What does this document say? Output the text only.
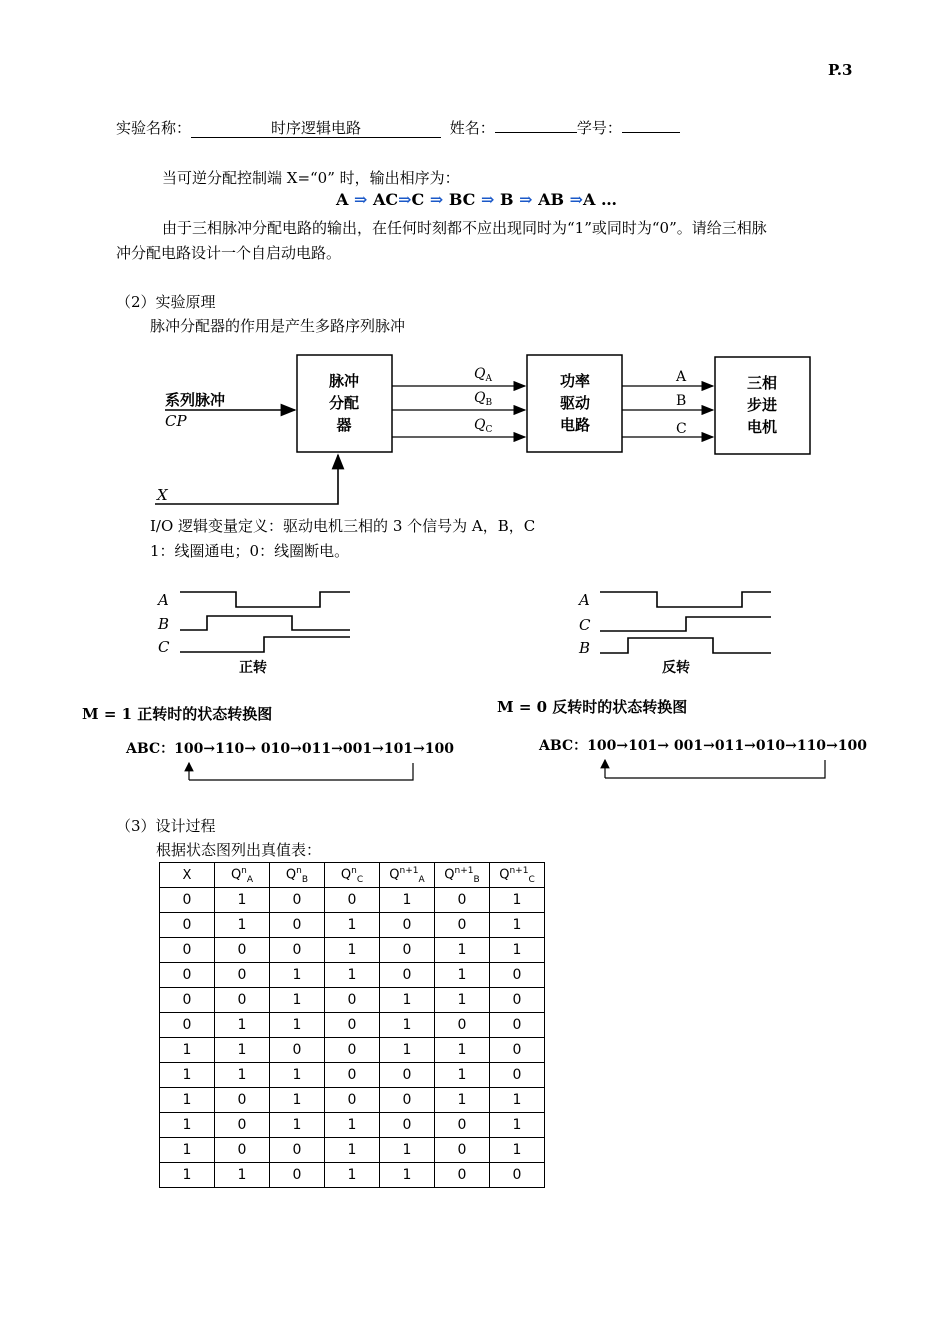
P.3
实验名称：	时序逻辑电路	姓名：	学号：
当可逆分配控制端 X=“0” 时，输出相序为：
A ⇒ AC⇒C ⇒ BC ⇒ B ⇒ AB ⇒A …
由于三相脉冲分配电路的输出，在任何时刻都不应出现同时为“1”或同时为“0”。请给三相脉
冲分配电路设计一个自启动电路。
（2）实验原理
脉冲分配器的作用是产生多路序列脉冲
系列脉冲
CP
脉冲
分配
器
$Q_A$
$Q_B$
$Q_C$
功率
驱动
电路
A
B
C
三相
步进
电机
X
I/O 逻辑变量定义：驱动电机三相的 3 个信号为 A，B，C
1：线圈通电；0：线圈断电。
A
B
C
正转
A
C
B
反转
M = 1 正转时的状态转换图	M = 0 反转时的状态转换图
ABC：100→110→ 010→011→001→101→100	ABC：100→101→ 001→011→010→110→100
（3）设计过程
根据状态图列出真值表：
X	$Q^n_A$	$Q^n_B$	$Q^n_C$	$Q^{n+1}_A$	$Q^{n+1}_B$	$Q^{n+1}_C$
0	1	0	0	1	0	1
0	1	0	1	0	0	1
0	0	0	1	0	1	1
0	0	1	1	0	1	0
0	0	1	0	1	1	0
0	1	1	0	1	0	0
1	1	0	0	1	1	0
1	1	1	0	0	1	0
1	0	1	0	0	1	1
1	0	1	1	0	0	1
1	0	0	1	1	0	1
1	1	0	1	1	0	0
